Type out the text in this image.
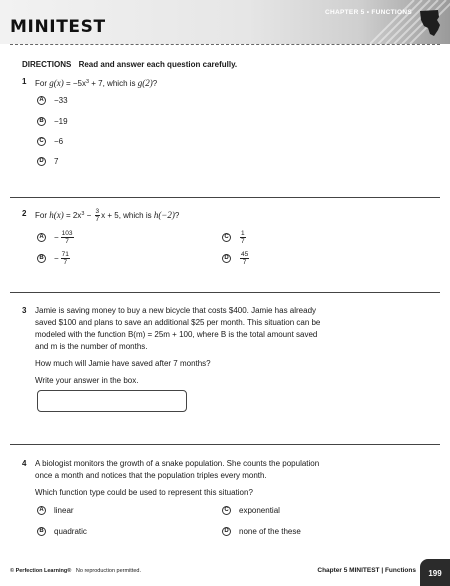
MINITEST
CHAPTER 5 • FUNCTIONS
DIRECTIONS Read and answer each question carefully.
1 For $g(x) = -5x^3 + 7$, which is g(2)?
A −33
B −19
C −6
D 7
2 For $h(x) = 2x^3 - \frac{3}{7}$ x + 5, which is h(−2)?
$A - \frac{103}{7}$
$B - \frac{71}{7}$
C	$\frac{1}{7}$
D	$\frac{45}{7}$
3 Jamie is saving money to buy a new bicycle that costs $400. Jamie has already
saved $100 and plans to save an additional $25 per month. This situation can be
modeled with the function B(m) = 25m + 100, where B is the total amount saved
and m is the number of months.
How much will Jamie have saved after 7 months?
Write your answer in the box.
4 A biologist monitors the growth of a snake population. She counts the population
once a month and notices that the population triples every month.
Which function type could be used to represent this situation?
A linear
B quadratic
C exponential
D none of the these
© Perfection Learning® No reproduction permitted.	Chapter 5 MINITEST | Functions	199
